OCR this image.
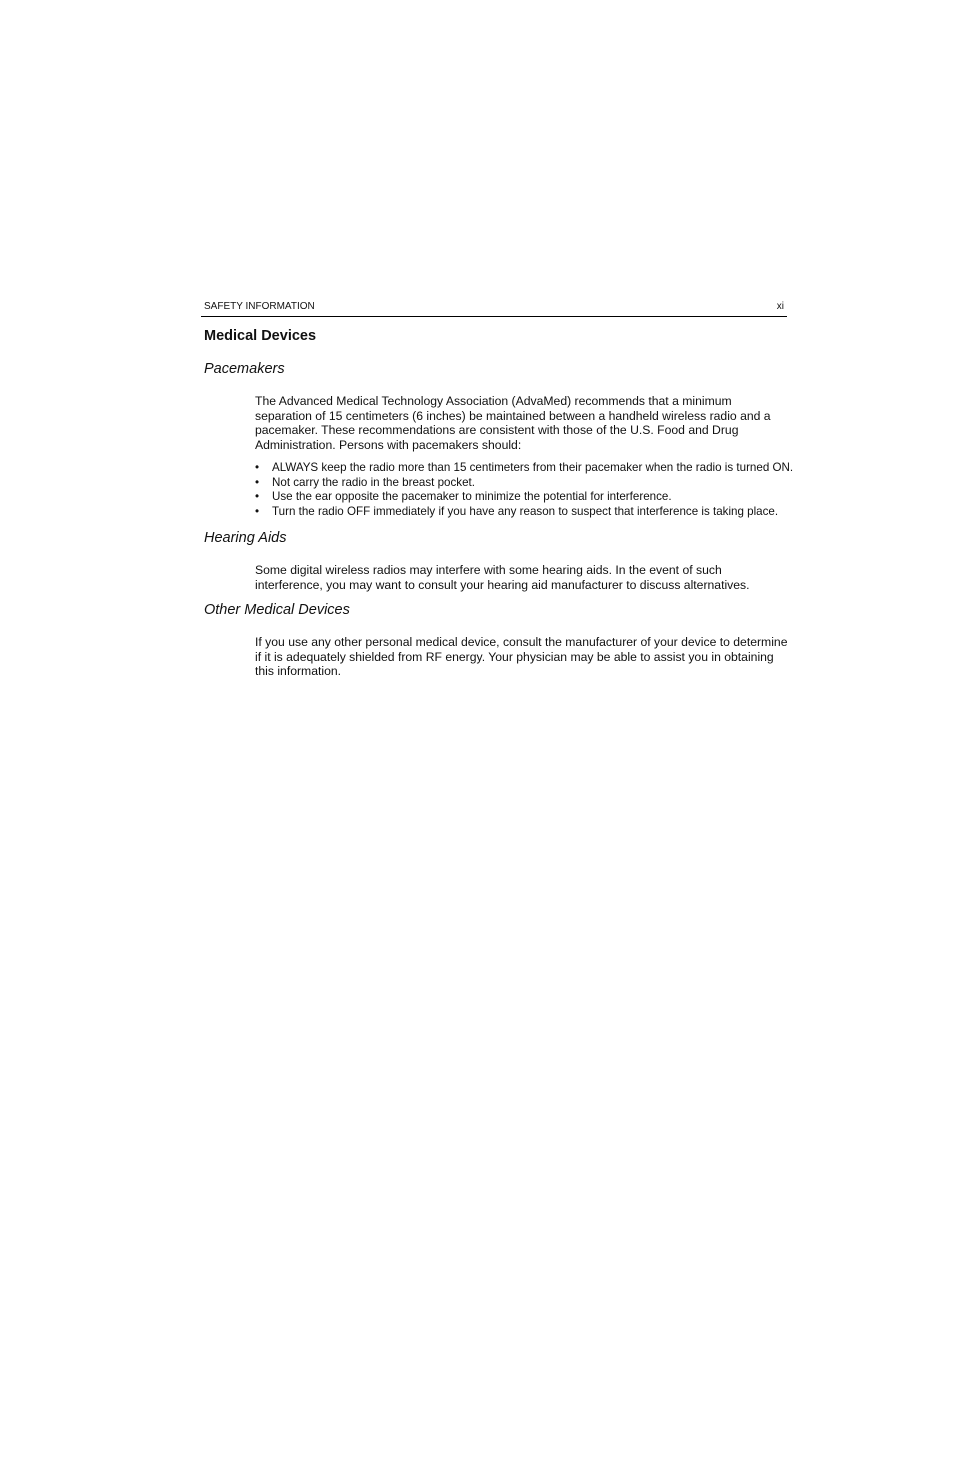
SAFETY INFORMATION	xi
Medical Devices
Pacemakers

The Advanced Medical Technology Association (AdvaMed) recommends that a minimum separation of 15 centimeters (6 inches) be maintained between a handheld wireless radio and a pacemaker. These recommendations are consistent with those of the U.S. Food and Drug Administration. Persons with pacemakers should:

• ALWAYS keep the radio more than 15 centimeters from their pacemaker when the radio is turned ON.
• Not carry the radio in the breast pocket.
• Use the ear opposite the pacemaker to minimize the potential for interference.
• Turn the radio OFF immediately if you have any reason to suspect that interference is taking place.
Hearing Aids

Some digital wireless radios may interfere with some hearing aids. In the event of such interference, you may want to consult your hearing aid manufacturer to discuss alternatives.

Other Medical Devices

If you use any other personal medical device, consult the manufacturer of your device to determine if it is adequately shielded from RF energy. Your physician may be able to assist you in obtaining this information.
